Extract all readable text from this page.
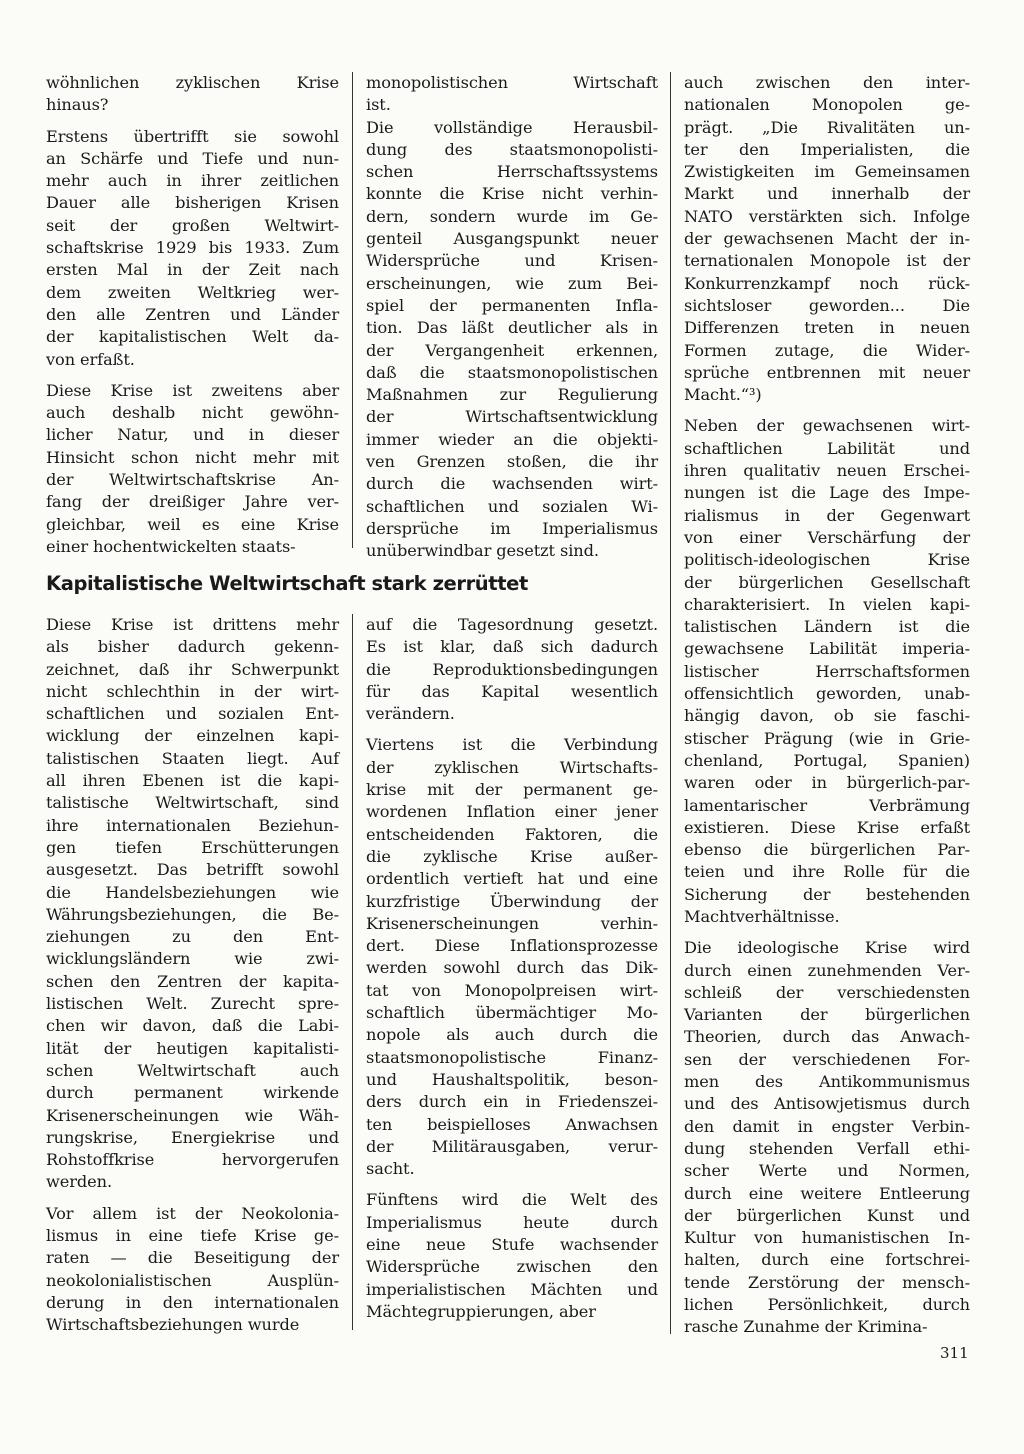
wöhnlichen zyklischen Krise
hinaus?

Erstens übertrifft sie sowohl
an Schärfe und Tiefe und nun-
mehr auch in ihrer zeitlichen
Dauer alle bisherigen Krisen
seit der großen Weltwirt-
schaftskrise 1929 bis 1933. Zum
ersten Mal in der Zeit nach
dem zweiten Weltkrieg wer-
den alle Zentren und Länder
der kapitalistischen Welt da-
von erfaßt.

Diese Krise ist zweitens aber
auch deshalb nicht gewöhn-
licher Natur, und in dieser
Hinsicht schon nicht mehr mit
der Weltwirtschaftskrise An-
fang der dreißiger Jahre ver-
gleichbar, weil es eine Krise
einer hochentwickelten staats-

monopolistischen Wirtschaft
ist.
Die vollständige Herausbil-
dung des staatsmonopolisti-
schen Herrschaftssystems
konnte die Krise nicht verhin-
dern, sondern wurde im Ge-
genteil Ausgangspunkt neuer
Widersprüche und Krisen-
erscheinungen, wie zum Bei-
spiel der permanenten Infla-
tion. Das läßt deutlicher als in
der Vergangenheit erkennen,
daß die staatsmonopolistischen
Maßnahmen zur Regulierung
der Wirtschaftsentwicklung
immer wieder an die objekti-
ven Grenzen stoßen, die ihr
durch die wachsenden wirt-
schaftlichen und sozialen Wi-
dersprüche im Imperialismus
unüberwindbar gesetzt sind.

Kapitalistische Weltwirtschaft stark zerrüttet

Diese Krise ist drittens mehr
als bisher dadurch gekenn-
zeichnet, daß ihr Schwerpunkt
nicht schlechthin in der wirt-
schaftlichen und sozialen Ent-
wicklung der einzelnen kapi-
talistischen Staaten liegt. Auf
all ihren Ebenen ist die kapi-
talistische Weltwirtschaft, sind
ihre internationalen Beziehun-
gen tiefen Erschütterungen
ausgesetzt. Das betrifft sowohl
die Handelsbeziehungen wie
Währungsbeziehungen, die Be-
ziehungen zu den Ent-
wicklungsländern wie zwi-
schen den Zentren der kapita-
listischen Welt. Zurecht spre-
chen wir davon, daß die Labi-
lität der heutigen kapitalisti-
schen Weltwirtschaft auch
durch permanent wirkende
Krisenerscheinungen wie Wäh-
rungskrise, Energiekrise und
Rohstoffkrise hervorgerufen
werden.

Vor allem ist der Neokolonia-
lismus in eine tiefe Krise ge-
raten — die Beseitigung der
neokolonialistischen Ausplün-
derung in den internationalen
Wirtschaftsbeziehungen wurde

auf die Tagesordnung gesetzt.
Es ist klar, daß sich dadurch
die Reproduktionsbedingungen
für das Kapital wesentlich
verändern.

Viertens ist die Verbindung
der zyklischen Wirtschafts-
krise mit der permanent ge-
wordenen Inflation einer jener
entscheidenden Faktoren, die
die zyklische Krise außer-
ordentlich vertieft hat und eine
kurzfristige Überwindung der
Krisenerscheinungen verhin-
dert. Diese Inflationsprozesse
werden sowohl durch das Dik-
tat von Monopolpreisen wirt-
schaftlich übermächtiger Mo-
nopole als auch durch die
staatsmonopolistische Finanz-
und Haushaltspolitik, beson-
ders durch ein in Friedenszei-
ten beispielloses Anwachsen
der Militärausgaben, verur-
sacht.

Fünftens wird die Welt des
Imperialismus heute durch
eine neue Stufe wachsender
Widersprüche zwischen den
imperialistischen Mächten und
Mächtegruppierungen, aber

auch zwischen den inter-
nationalen Monopolen ge-
prägt. „Die Rivalitäten un-
ter den Imperialisten, die
Zwistigkeiten im Gemeinsamen
Markt und innerhalb der
NATO verstärkten sich. Infolge
der gewachsenen Macht der in-
ternationalen Monopole ist der
Konkurrenzkampf noch rück-
sichtsloser geworden... Die
Differenzen treten in neuen
Formen zutage, die Wider-
sprüche entbrennen mit neuer
Macht.“³)

Neben der gewachsenen wirt-
schaftlichen Labilität und
ihren qualitativ neuen Erschei-
nungen ist die Lage des Impe-
rialismus in der Gegenwart
von einer Verschärfung der
politisch-ideologischen Krise
der bürgerlichen Gesellschaft
charakterisiert. In vielen kapi-
talistischen Ländern ist die
gewachsene Labilität imperia-
listischer Herrschaftsformen
offensichtlich geworden, unab-
hängig davon, ob sie faschi-
stischer Prägung (wie in Grie-
chenland, Portugal, Spanien)
waren oder in bürgerlich-par-
lamentarischer Verbrämung
existieren. Diese Krise erfaßt
ebenso die bürgerlichen Par-
teien und ihre Rolle für die
Sicherung der bestehenden
Machtverhältnisse.

Die ideologische Krise wird
durch einen zunehmenden Ver-
schleiß der verschiedensten
Varianten der bürgerlichen
Theorien, durch das Anwach-
sen der verschiedenen For-
men des Antikommunismus
und des Antisowjetismus durch
den damit in engster Verbin-
dung stehenden Verfall ethi-
scher Werte und Normen,
durch eine weitere Entleerung
der bürgerlichen Kunst und
Kultur von humanistischen In-
halten, durch eine fortschrei-
tende Zerstörung der mensch-
lichen Persönlichkeit, durch
rasche Zunahme der Krimina-

311
